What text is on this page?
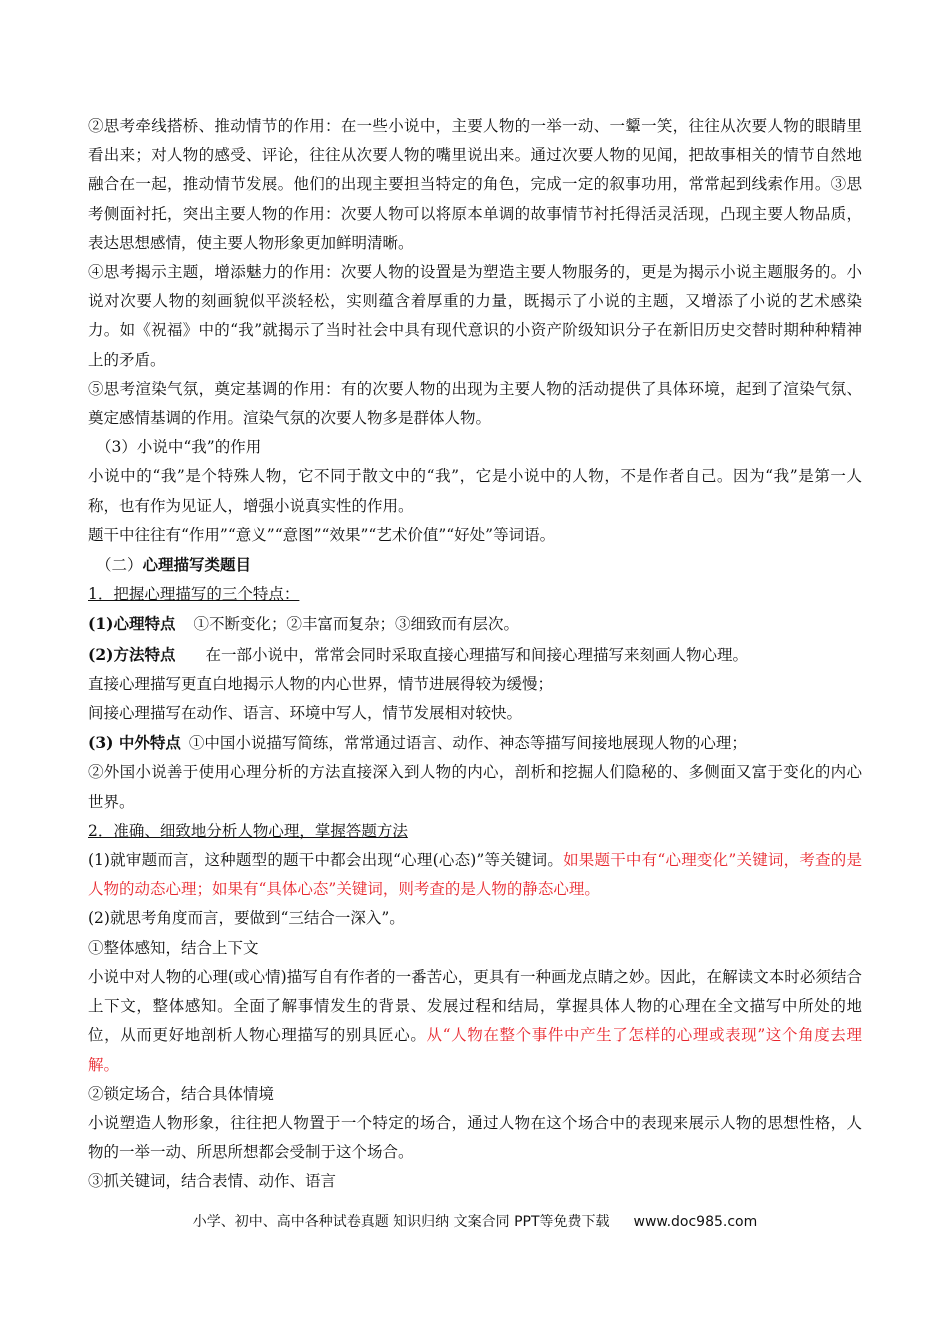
②思考牵线搭桥、推动情节的作用：在一些小说中，主要人物的一举一动、一颦一笑，往往从次要人物的眼睛里看出来；对人物的感受、评论，往往从次要人物的嘴里说出来。通过次要人物的见闻，把故事相关的情节自然地融合在一起，推动情节发展。他们的出现主要担当特定的角色，完成一定的叙事功用，常常起到线索作用。③思考侧面衬托，突出主要人物的作用：次要人物可以将原本单调的故事情节衬托得活灵活现，凸现主要人物品质，表达思想感情，使主要人物形象更加鲜明清晰。

④思考揭示主题，增添魅力的作用：次要人物的设置是为塑造主要人物服务的，更是为揭示小说主题服务的。小说对次要人物的刻画貌似平淡轻松，实则蕴含着厚重的力量，既揭示了小说的主题，又增添了小说的艺术感染力。如《祝福》中的“我”就揭示了当时社会中具有现代意识的小资产阶级知识分子在新旧历史交替时期种种精神上的矛盾。

⑤思考渲染气氛，奠定基调的作用：有的次要人物的出现为主要人物的活动提供了具体环境，起到了渲染气氛、奠定感情基调的作用。渲染气氛的次要人物多是群体人物。

（3）小说中“我”的作用

小说中的“我”是个特殊人物，它不同于散文中的“我”，它是小说中的人物，不是作者自己。因为“我”是第一人称，也有作为见证人，增强小说真实性的作用。

题干中往往有“作用”“意义”“意图”“效果”“艺术价值”“好处”等词语。

（二）心理描写类题目

1．把握心理描写的三个特点：

(1)心理特点 ①不断变化；②丰富而复杂；③细致而有层次。

(2)方法特点 在一部小说中，常常会同时采取直接心理描写和间接心理描写来刻画人物心理。

直接心理描写更直白地揭示人物的内心世界，情节进展得较为缓慢；

间接心理描写在动作、语言、环境中写人，情节发展相对较快。

(3) 中外特点 ①中国小说描写简练，常常通过语言、动作、神态等描写间接地展现人物的心理；

②外国小说善于使用心理分析的方法直接深入到人物的内心，剖析和挖掘人们隐秘的、多侧面又富于变化的内心世界。

2．准确、细致地分析人物心理，掌握答题方法

(1)就审题而言，这种题型的题干中都会出现“心理(心态)”等关键词。如果题干中有“心理变化”关键词，考查的是人物的动态心理；如果有“具体心态”关键词，则考查的是人物的静态心理。

(2)就思考角度而言，要做到“三结合一深入”。

①整体感知，结合上下文

小说中对人物的心理(或心情)描写自有作者的一番苦心，更具有一种画龙点睛之妙。因此，在解读文本时必须结合上下文，整体感知。全面了解事情发生的背景、发展过程和结局，掌握具体人物的心理在全文描写中所处的地位，从而更好地剖析人物心理描写的别具匠心。从“人物在整个事件中产生了怎样的心理或表现”这个角度去理解。

②锁定场合，结合具体情境

小说塑造人物形象，往往把人物置于一个特定的场合，通过人物在这个场合中的表现来展示人物的思想性格，人物的一举一动、所思所想都会受制于这个场合。

③抓关键词，结合表情、动作、语言

小学、初中、高中各种试卷真题 知识归纳 文案合同 PPT等免费下载 www.doc985.com
